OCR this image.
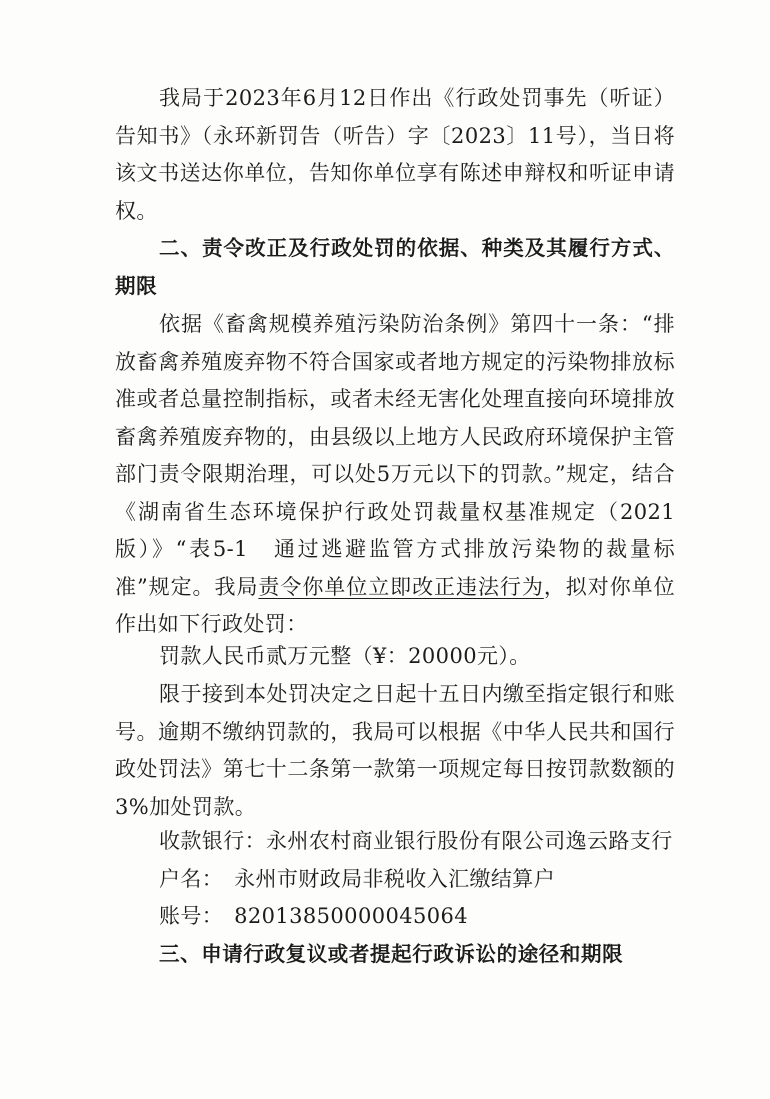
我局于2023年6月12日作出《行政处罚事先（听证）告知书》（永环新罚告（听告）字〔2023〕11号），当日将该文书送达你单位，告知你单位享有陈述申辩权和听证申请权。

二、责令改正及行政处罚的依据、种类及其履行方式、期限

依据《畜禽规模养殖污染防治条例》第四十一条：“排放畜禽养殖废弃物不符合国家或者地方规定的污染物排放标准或者总量控制指标，或者未经无害化处理直接向环境排放畜禽养殖废弃物的，由县级以上地方人民政府环境保护主管部门责令限期治理，可以处5万元以下的罚款。”规定，结合《湖南省生态环境保护行政处罚裁量权基准规定（2021版）》“表5-1　通过逃避监管方式排放污染物的裁量标准”规定。我局责令你单位立即改正违法行为，拟对你单位作出如下行政处罚：

罚款人民币贰万元整（¥：20000元）。

限于接到本处罚决定之日起十五日内缴至指定银行和账号。逾期不缴纳罚款的，我局可以根据《中华人民共和国行政处罚法》第七十二条第一款第一项规定每日按罚款数额的3%加处罚款。

收款银行：永州农村商业银行股份有限公司逸云路支行

户名：　永州市财政局非税收入汇缴结算户

账号：　82013850000045064

三、申请行政复议或者提起行政诉讼的途径和期限
